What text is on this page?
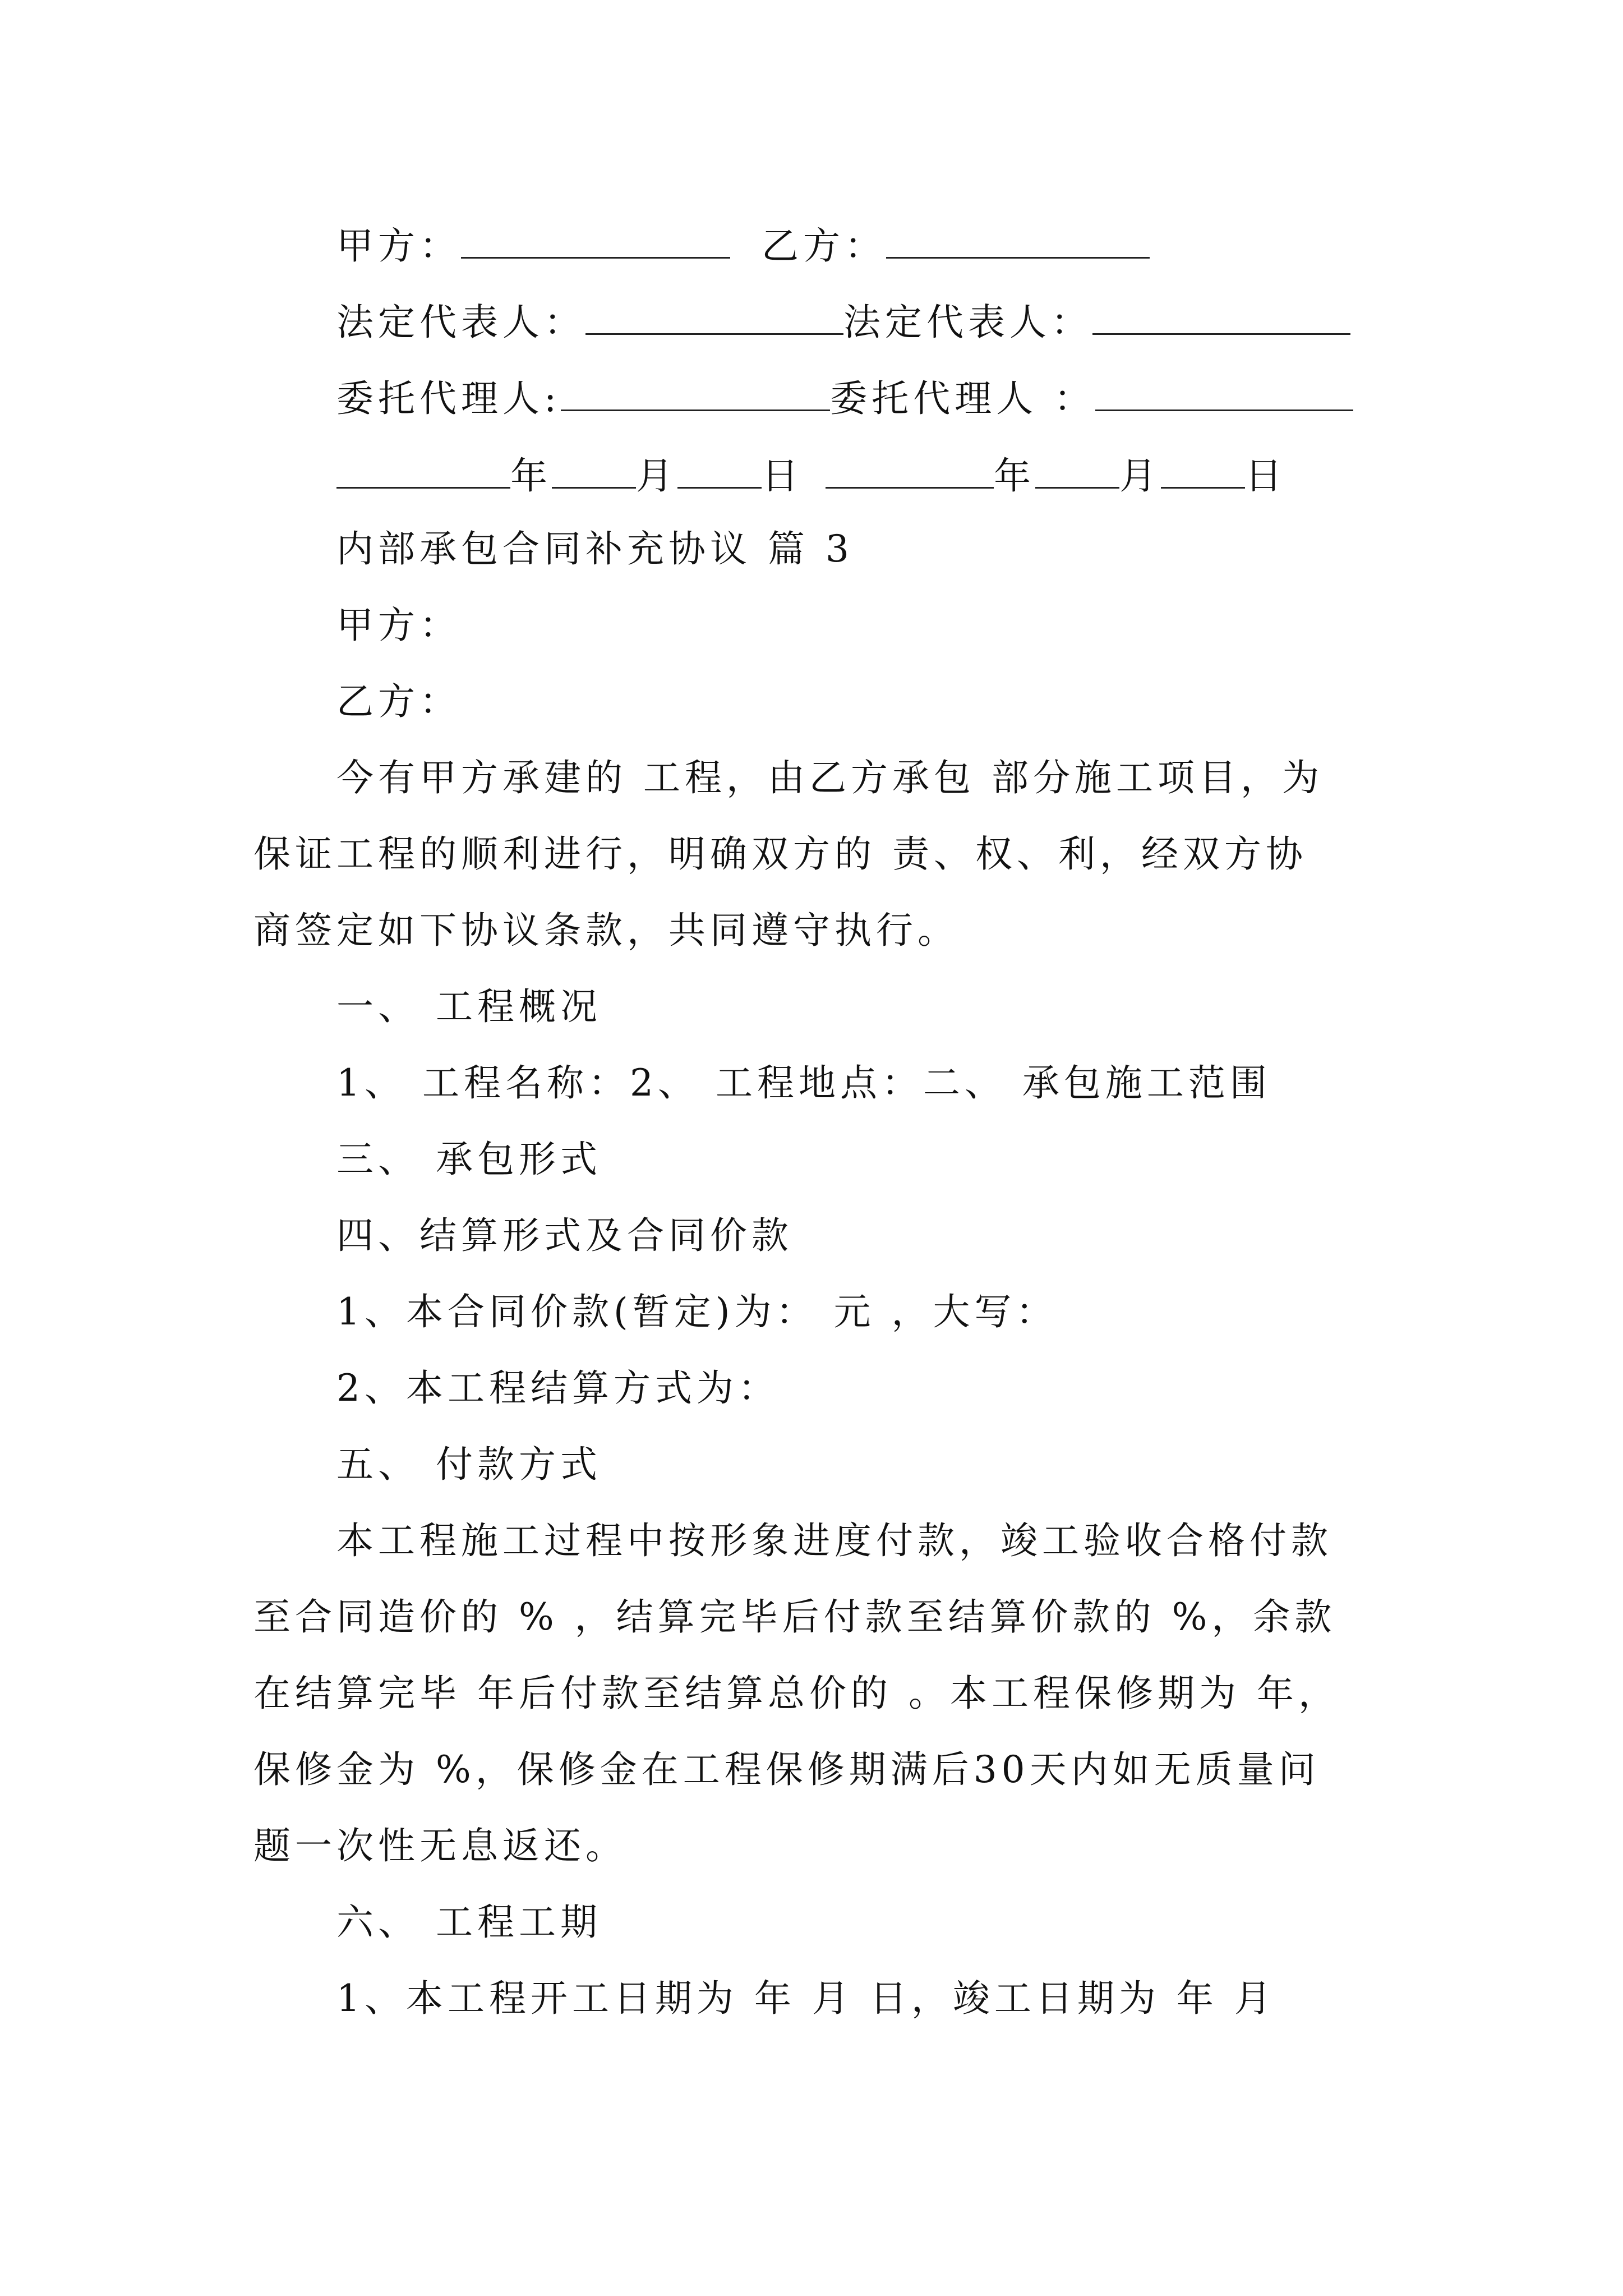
甲方：	乙方：
法定代表人：	法定代表人：
委托代理人:	委托代理人 ：
年 月 日	年 月 日
内部承包合同补充协议 篇 3
甲方：
乙方：
今有甲方承建的 工程，由乙方承包 部分施工项目，为
保证工程的顺利进行，明确双方的 责、权、利，经双方协
商签定如下协议条款，共同遵守执行。
一、 工程概况
1、 工程名称：2、 工程地点：二、 承包施工范围
三、 承包形式
四、结算形式及合同价款
1、本合同价款(暂定)为： 元 ，大写：
2、本工程结算方式为：
五、 付款方式
本工程施工过程中按形象进度付款，竣工验收合格付款
至合同造价的 % ，结算完毕后付款至结算价款的 %，余款
在结算完毕 年后付款至结算总价的 。本工程保修期为 年，
保修金为 %，保修金在工程保修期满后30天内如无质量问
题一次性无息返还。
六、 工程工期
1、本工程开工日期为 年 月 日，竣工日期为 年 月
